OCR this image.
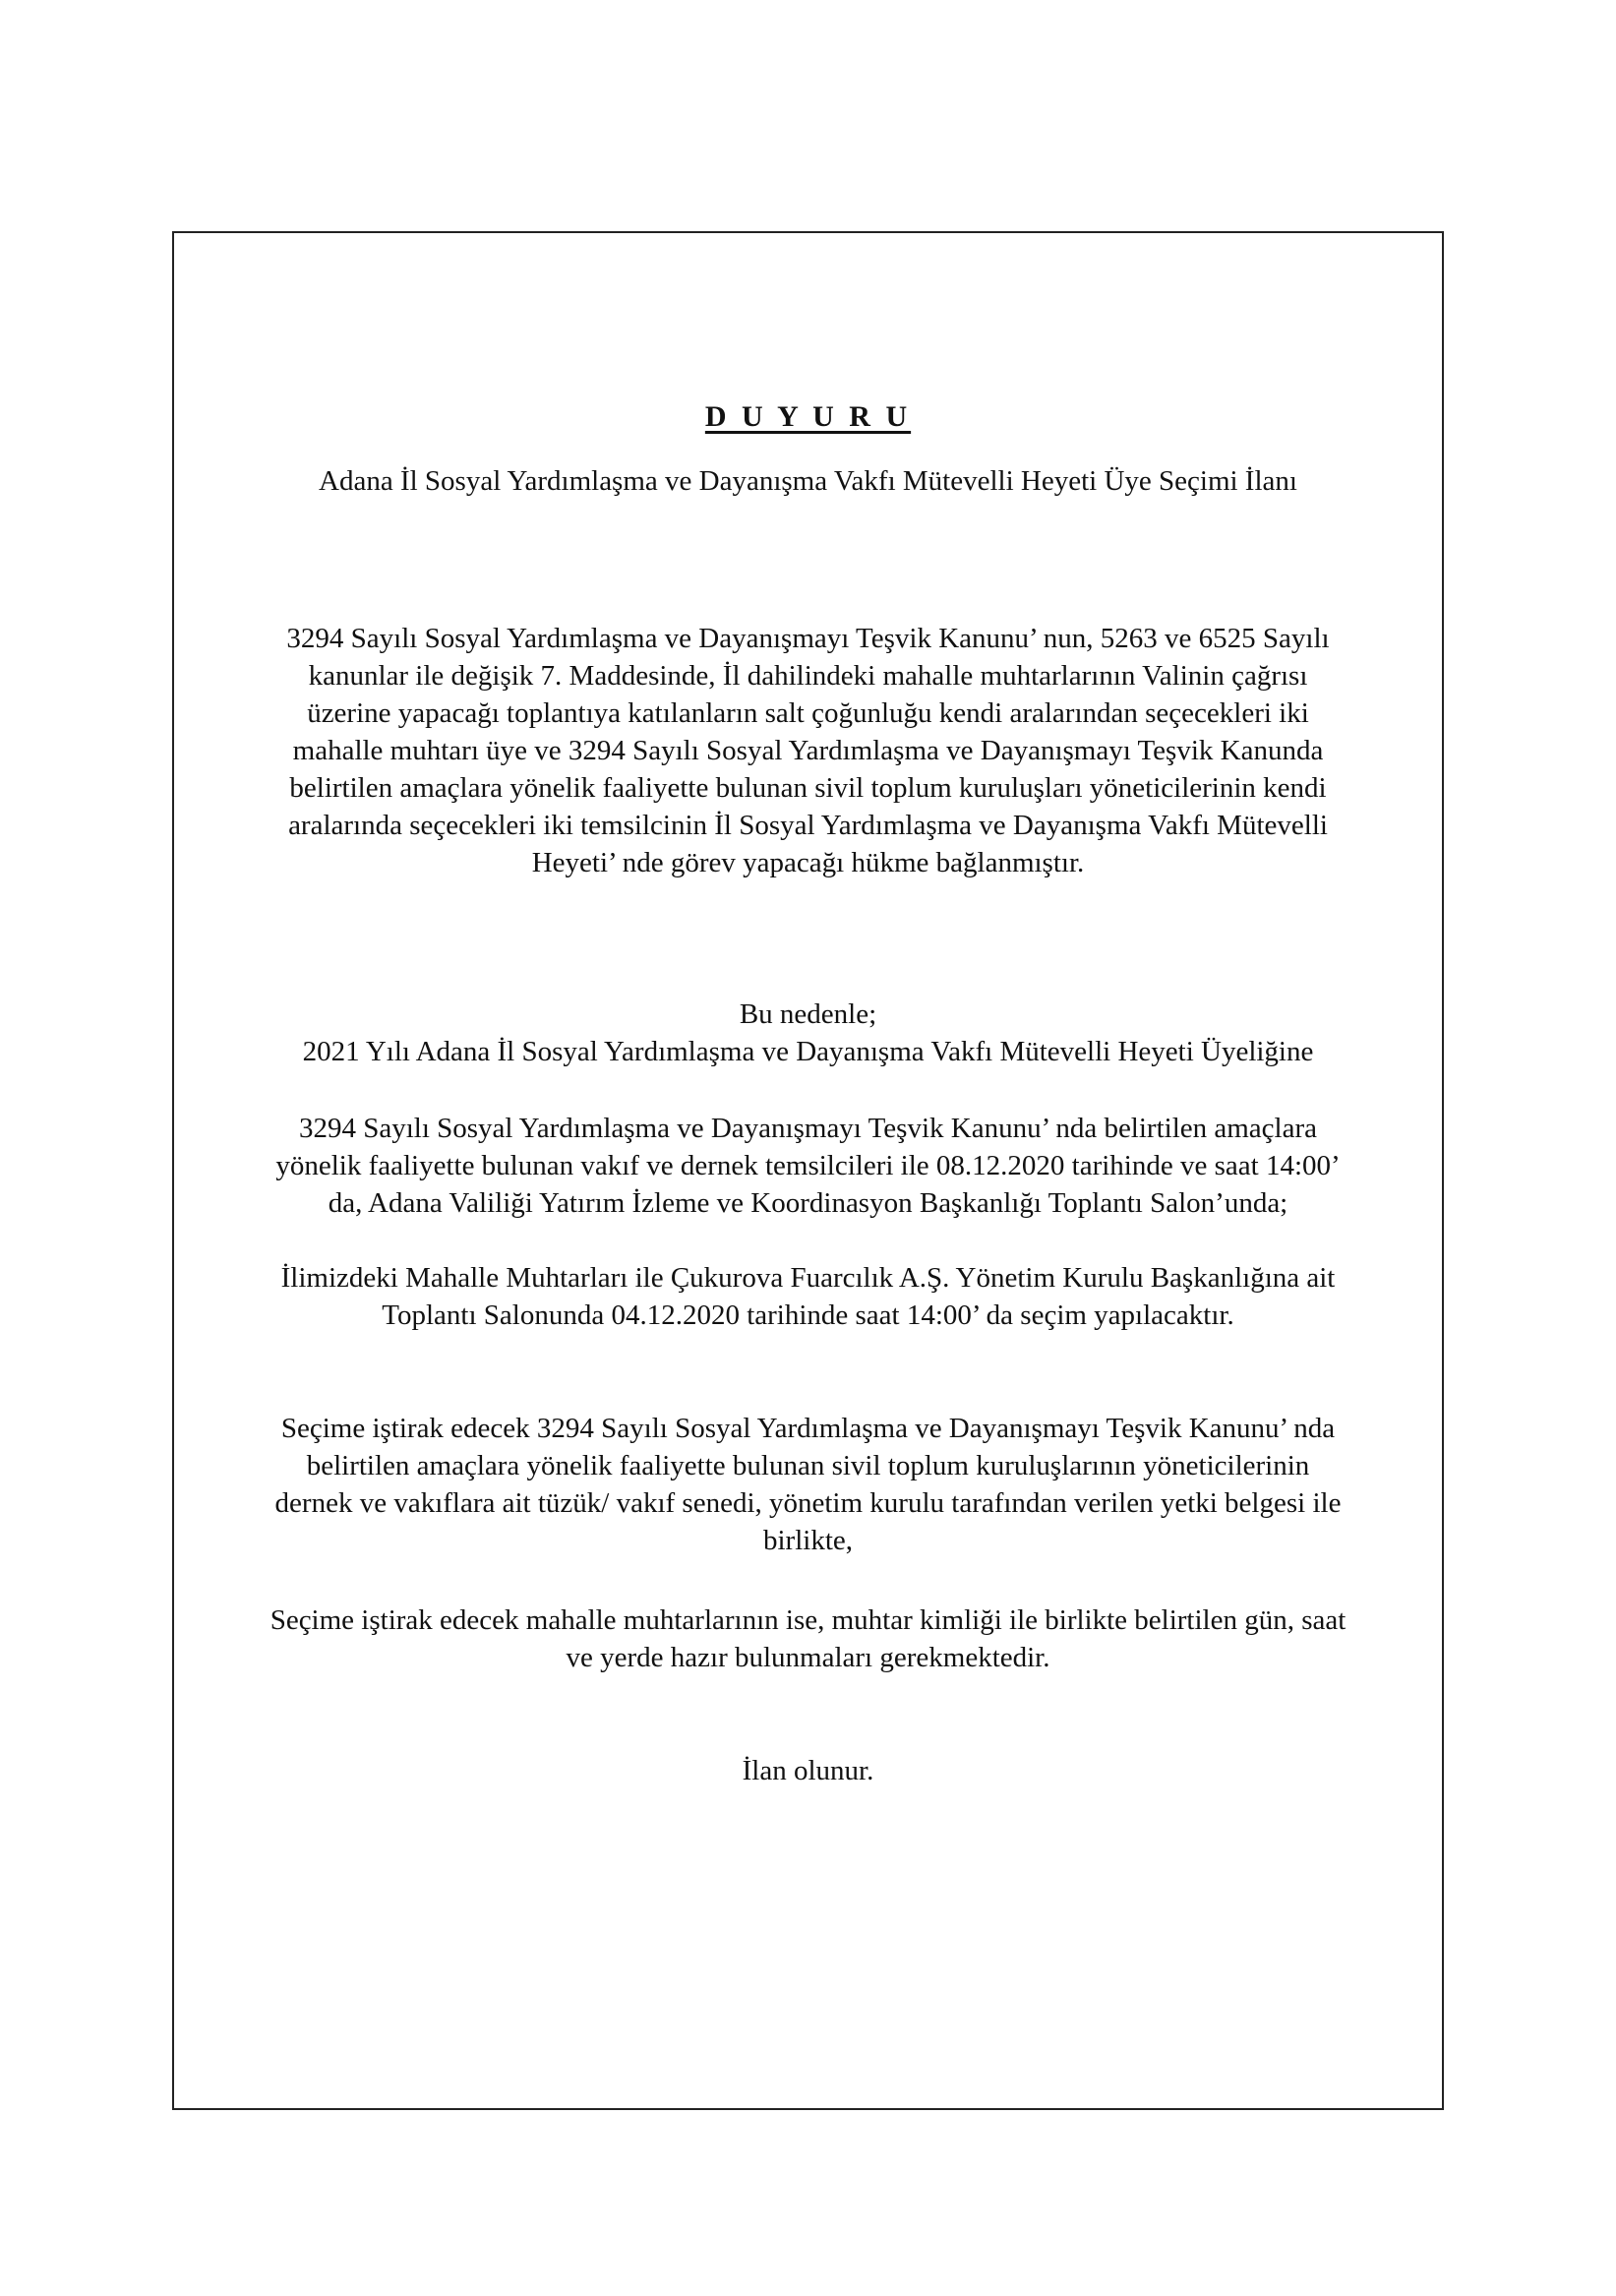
D U Y U R U
Adana İl Sosyal Yardımlaşma ve Dayanışma Vakfı Mütevelli Heyeti Üye Seçimi İlanı
3294 Sayılı Sosyal Yardımlaşma ve Dayanışmayı Teşvik Kanunu’ nun, 5263 ve 6525 Sayılı
kanunlar ile değişik 7. Maddesinde, İl dahilindeki mahalle muhtarlarının Valinin çağrısı
üzerine yapacağı toplantıya katılanların salt çoğunluğu kendi aralarından seçecekleri iki
mahalle muhtarı üye ve 3294 Sayılı Sosyal Yardımlaşma ve Dayanışmayı Teşvik Kanunda
belirtilen amaçlara yönelik faaliyette bulunan sivil toplum kuruluşları yöneticilerinin kendi
aralarında seçecekleri iki temsilcinin İl Sosyal Yardımlaşma ve Dayanışma Vakfı Mütevelli
Heyeti’ nde görev yapacağı hükme bağlanmıştır.
Bu nedenle;
2021 Yılı Adana İl Sosyal Yardımlaşma ve Dayanışma Vakfı Mütevelli Heyeti Üyeliğine
3294 Sayılı Sosyal Yardımlaşma ve Dayanışmayı Teşvik Kanunu’ nda belirtilen amaçlara
yönelik faaliyette bulunan vakıf ve dernek temsilcileri ile 08.12.2020 tarihinde ve saat 14:00’
da, Adana Valiliği Yatırım İzleme ve Koordinasyon Başkanlığı Toplantı Salon’unda;
İlimizdeki Mahalle Muhtarları ile Çukurova Fuarcılık A.Ş. Yönetim Kurulu Başkanlığına ait
Toplantı Salonunda 04.12.2020 tarihinde saat 14:00’ da seçim yapılacaktır.
Seçime iştirak edecek 3294 Sayılı Sosyal Yardımlaşma ve Dayanışmayı Teşvik Kanunu’ nda
belirtilen amaçlara yönelik faaliyette bulunan sivil toplum kuruluşlarının yöneticilerinin
dernek ve vakıflara ait tüzük/ vakıf senedi, yönetim kurulu tarafından verilen yetki belgesi ile
birlikte,
Seçime iştirak edecek mahalle muhtarlarının ise, muhtar kimliği ile birlikte belirtilen gün, saat
ve yerde hazır bulunmaları gerekmektedir.
İlan olunur.
